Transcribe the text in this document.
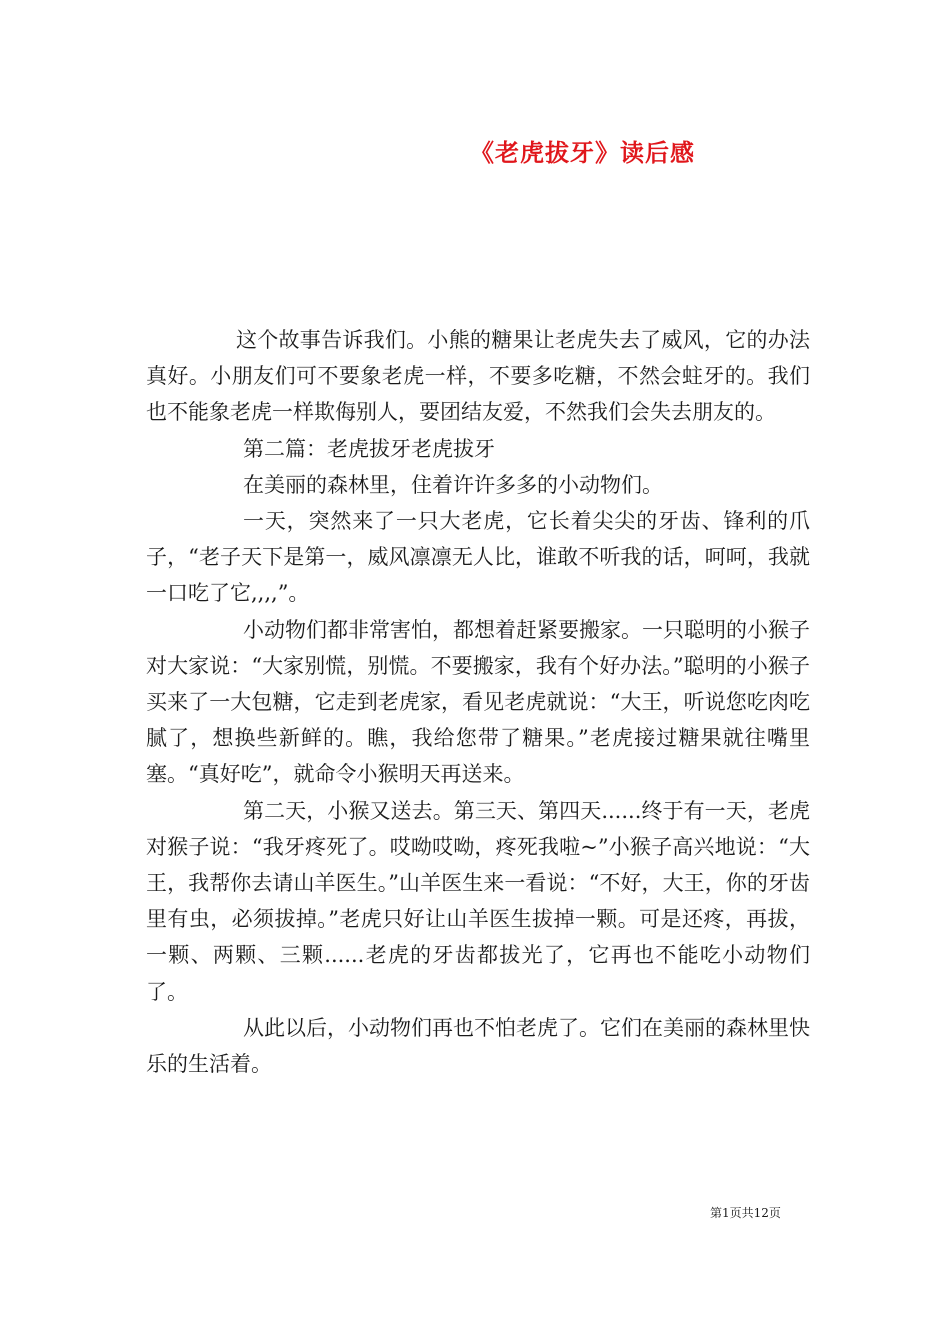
《老虎拔牙》读后感

这个故事告诉我们。小熊的糖果让老虎失去了威风，它的办法真好。小朋友们可不要象老虎一样，不要多吃糖，不然会蛀牙的。我们也不能象老虎一样欺侮别人，要团结友爱，不然我们会失去朋友的。

第二篇：老虎拔牙老虎拔牙

在美丽的森林里，住着许许多多的小动物们。

一天，突然来了一只大老虎，它长着尖尖的牙齿、锋利的爪子，“老子天下是第一，威风凛凛无人比，谁敢不听我的话，呵呵，我就一口吃了它,,,,”。

小动物们都非常害怕，都想着赶紧要搬家。一只聪明的小猴子对大家说：“大家别慌，别慌。不要搬家，我有个好办法。”聪明的小猴子买来了一大包糖，它走到老虎家，看见老虎就说：“大王，听说您吃肉吃腻了，想换些新鲜的。瞧，我给您带了糖果。”老虎接过糖果就往嘴里塞。“真好吃”，就命令小猴明天再送来。

第二天，小猴又送去。第三天、第四天......终于有一天，老虎对猴子说：“我牙疼死了。哎呦哎呦，疼死我啦~”小猴子高兴地说：“大王，我帮你去请山羊医生。”山羊医生来一看说：“不好，大王，你的牙齿里有虫，必须拔掉。”老虎只好让山羊医生拔掉一颗。可是还疼，再拔，一颗、两颗、三颗......老虎的牙齿都拔光了，它再也不能吃小动物们了。

从此以后，小动物们再也不怕老虎了。它们在美丽的森林里快乐的生活着。

第1页共12页
